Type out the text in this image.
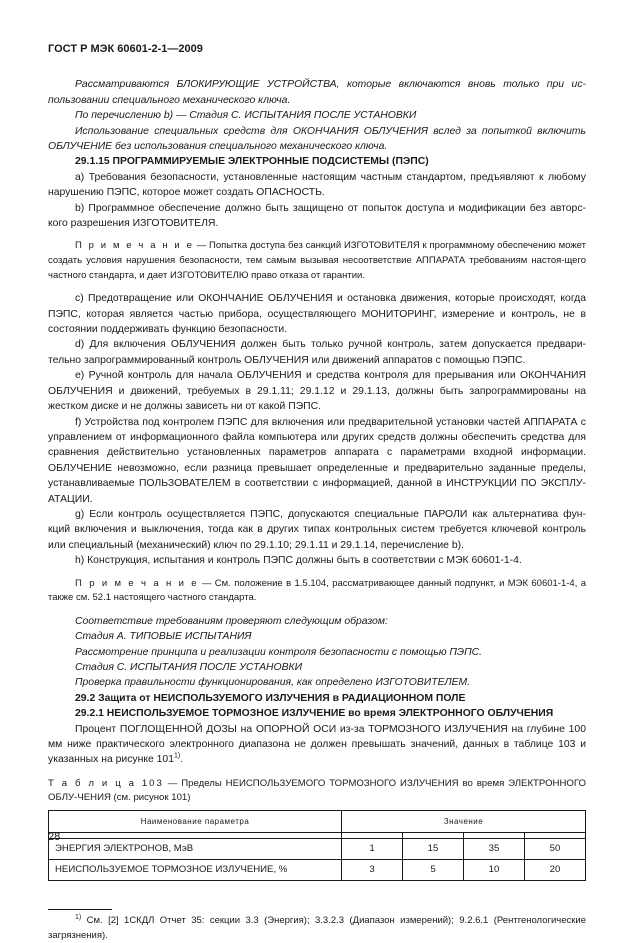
ГОСТ Р МЭК 60601-2-1—2009

Рассматриваются БЛОКИРУЮЩИЕ УСТРОЙСТВА, которые включаются вновь только при ис-пользовании специального механического ключа.

По перечислению b) — Стадия С. ИСПЫТАНИЯ ПОСЛЕ УСТАНОВКИ

Использование специальных средств для ОКОНЧАНИЯ ОБЛУЧЕНИЯ вслед за попыткой включить ОБЛУЧЕНИЕ без использования специального механического ключа.

29.1.15 ПРОГРАММИРУЕМЫЕ ЭЛЕКТРОННЫЕ ПОДСИСТЕМЫ (ПЭПС)

а) Требования безопасности, установленные настоящим частным стандартом, предъявляют к любому нарушению ПЭПС, которое может создать ОПАСНОСТЬ.

b) Программное обеспечение должно быть защищено от попыток доступа и модификации без авторс-кого разрешения ИЗГОТОВИТЕЛЯ.

П р и м е ч а н и е — Попытка доступа без санкций ИЗГОТОВИТЕЛЯ к программному обеспечению может создать условия нарушения безопасности, тем самым вызывая несоответствие АППАРАТА требованиям настоя-щего частного стандарта, и дает ИЗГОТОВИТЕЛЮ право отказа от гарантии.

с) Предотвращение или ОКОНЧАНИЕ ОБЛУЧЕНИЯ и остановка движения, которые происходят, когда ПЭПС, которая является частью прибора, осуществляющего МОНИТОРИНГ, измерение и контроль, не в состоянии поддерживать функцию безопасности.

d) Для включения ОБЛУЧЕНИЯ должен быть только ручной контроль, затем допускается предвари-тельно запрограммированный контроль ОБЛУЧЕНИЯ или движений аппаратов с помощью ПЭПС.

е) Ручной контроль для начала ОБЛУЧЕНИЯ и средства контроля для прерывания или ОКОНЧАНИЯ ОБЛУЧЕНИЯ и движений, требуемых в 29.1.11; 29.1.12 и 29.1.13, должны быть запрограммированы на жестком диске и не должны зависеть ни от какой ПЭПС.

f) Устройства под контролем ПЭПС для включения или предварительной установки частей АППАРАТА с управлением от информационного файла компьютера или других средств должны обеспечить средства для сравнения действительно установленных параметров аппарата с параметрами входной информации. ОБЛУЧЕНИЕ невозможно, если разница превышает определенные и предварительно заданные пределы, устанавливаемые ПОЛЬЗОВАТЕЛЕМ в соответствии с информацией, данной в ИНСТРУКЦИИ ПО ЭКСПЛУ-АТАЦИИ.

g) Если контроль осуществляется ПЭПС, допускаются специальные ПАРОЛИ как альтернатива фун-кций включения и выключения, тогда как в других типах контрольных систем требуется ключевой контроль или специальный (механический) ключ по 29.1.10; 29.1.11 и 29.1.14, перечисление b).

h) Конструкция, испытания и контроль ПЭПС должны быть в соответствии с МЭК 60601-1-4.

П р и м е ч а н и е — См. положение в 1.5.104, рассматривающее данный подпункт, и МЭК 60601-1-4, а также см. 52.1 настоящего частного стандарта.

Соответствие требованиям проверяют следующим образом:

Стадия А. ТИПОВЫЕ ИСПЫТАНИЯ

Рассмотрение принципа и реализации контроля безопасности с помощью ПЭПС.

Стадия С. ИСПЫТАНИЯ ПОСЛЕ УСТАНОВКИ

Проверка правильности функционирования, как определено ИЗГОТОВИТЕЛЕМ.

29.2 Защита от НЕИСПОЛЬЗУЕМОГО ИЗЛУЧЕНИЯ в РАДИАЦИОННОМ ПОЛЕ

29.2.1 НЕИСПОЛЬЗУЕМОЕ ТОРМОЗНОЕ ИЗЛУЧЕНИЕ во время ЭЛЕКТРОННОГО ОБЛУЧЕНИЯ

Процент ПОГЛОЩЕННОЙ ДОЗЫ на ОПОРНОЙ ОСИ из-за ТОРМОЗНОГО ИЗЛУЧЕНИЯ на глубине 100 мм ниже практического электронного диапазона не должен превышать значений, данных в таблице 103 и указанных на рисунке 101$^{1)}$.

Т а б л и ц а 103 — Пределы НЕИСПОЛЬЗУЕМОГО ТОРМОЗНОГО ИЗЛУЧЕНИЯ во время ЭЛЕКТРОННОГО ОБЛУ-ЧЕНИЯ (см. рисунок 101)

Наименование параметра	Значение			

ЭНЕРГИЯ ЭЛЕКТРОНОВ, МэВ	1	15	35	50
НЕИСПОЛЬЗУЕМОЕ ТОРМОЗНОЕ ИЗЛУЧЕНИЕ, %	3	5	10	20

$^{1)}$ См. [2] 1СКДЛ Отчет 35: секции 3.3 (Энергия); 3.3.2.3 (Диапазон измерений); 9.2.6.1 (Рентгенологические загрязнения).

28
